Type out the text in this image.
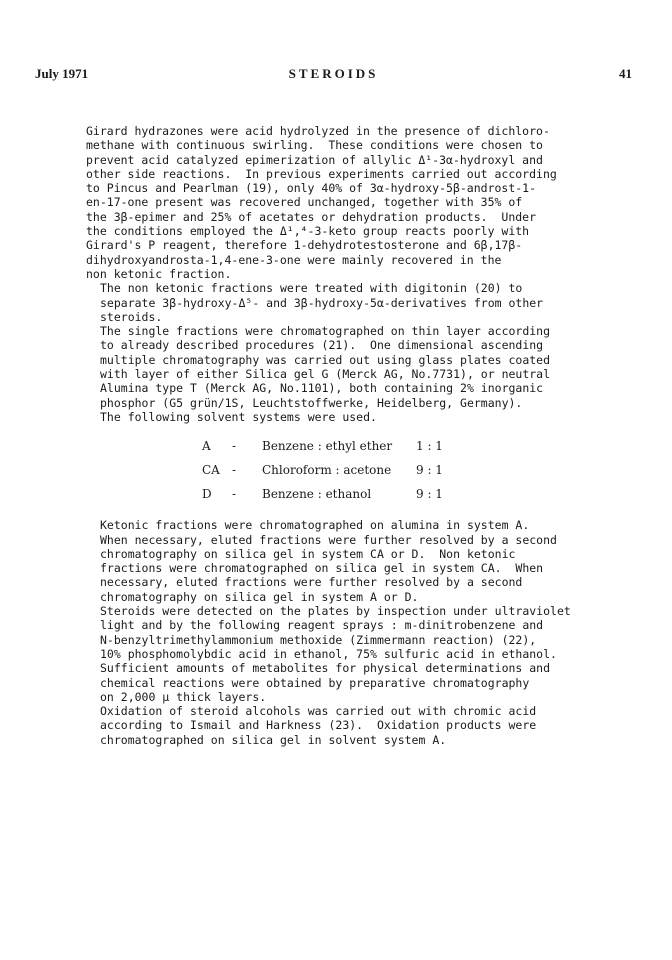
July 1971	STEROIDS	41

Girard hydrazones were acid hydrolyzed in the presence of dichloro-
methane with continuous swirling.  These conditions were chosen to
prevent acid catalyzed epimerization of allylic Δ¹-3α-hydroxyl and
other side reactions.  In previous experiments carried out according
to Pincus and Pearlman (19), only 40% of 3α-hydroxy-5β-androst-1-
en-17-one present was recovered unchanged, together with 35% of
the 3β-epimer and 25% of acetates or dehydration products.  Under
the conditions employed the Δ¹,⁴-3-keto group reacts poorly with
Girard's P reagent, therefore 1-dehydrotestosterone and 6β,17β-
dihydroxyandrosta-1,4-ene-3-one were mainly recovered in the
non ketonic fraction.

The non ketonic fractions were treated with digitonin (20) to
separate 3β-hydroxy-Δ⁵- and 3β-hydroxy-5α-derivatives from other
steroids.

The single fractions were chromatographed on thin layer according
to already described procedures (21).  One dimensional ascending
multiple chromatography was carried out using glass plates coated
with layer of either Silica gel G (Merck AG, No.7731), or neutral
Alumina type T (Merck AG, No.1101), both containing 2% inorganic
phosphor (G5 grün/1S, Leuchtstoffwerke, Heidelberg, Germany).
The following solvent systems were used.

A	-	Benzene : ethyl ether	1 : 1
CA	-	Chloroform : acetone	9 : 1
D	-	Benzene : ethanol	9 : 1

Ketonic fractions were chromatographed on alumina in system A.
When necessary, eluted fractions were further resolved by a second
chromatography on silica gel in system CA or D.  Non ketonic
fractions were chromatographed on silica gel in system CA.  When
necessary, eluted fractions were further resolved by a second
chromatography on silica gel in system A or D.

Steroids were detected on the plates by inspection under ultraviolet
light and by the following reagent sprays : m-dinitrobenzene and
N-benzyltrimethylammonium methoxide (Zimmermann reaction) (22),
10% phosphomolybdic acid in ethanol, 75% sulfuric acid in ethanol.

Sufficient amounts of metabolites for physical determinations and
chemical reactions were obtained by preparative chromatography
on 2,000 μ thick layers.

Oxidation of steroid alcohols was carried out with chromic acid
according to Ismail and Harkness (23).  Oxidation products were
chromatographed on silica gel in solvent system A.
